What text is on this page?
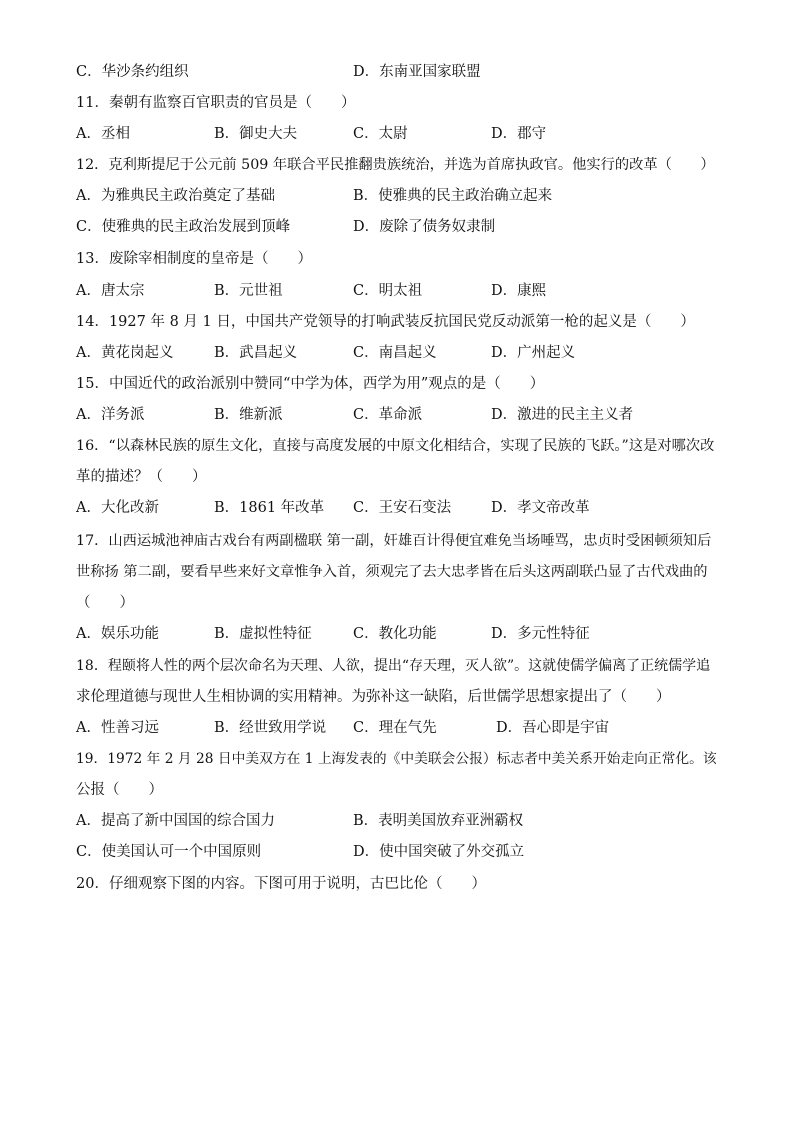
C．华沙条约组织	D．东南亚国家联盟
11．秦朝有监察百官职责的官员是（　　）
A．丞相	B．御史大夫	C．太尉	D．郡守
12．克利斯提尼于公元前 509 年联合平民推翻贵族统治，并选为首席执政官。他实行的改革（　　）
A．为雅典民主政治奠定了基础	B．使雅典的民主政治确立起来
C．使雅典的民主政治发展到顶峰	D．废除了债务奴隶制
13．废除宰相制度的皇帝是（　　）
A．唐太宗	B．元世祖	C．明太祖	D．康熙
14．1927 年 8 月 1 日，中国共产党领导的打响武装反抗国民党反动派第一枪的起义是（　　）
A．黄花岗起义	B．武昌起义	C．南昌起义	D．广州起义
15．中国近代的政治派别中赞同“中学为体，西学为用”观点的是（　　）
A．洋务派	B．维新派	C．革命派	D．激进的民主主义者
16．“以森林民族的原生文化，直接与高度发展的中原文化相结合，实现了民族的飞跃。”这是对哪次改
革的描述？（　　）
A．大化改新	B．1861 年改革 C．王安石变法	D．孝文帝改革
17．山西运城池神庙古戏台有两副楹联 第一副，奸雄百计得便宜难免当场唾骂，忠贞时受困顿须知后
世称扬 第二副，要看早些来好文章惟争入首，须观完了去大忠孝皆在后头这两副联凸显了古代戏曲的
（　　）
A．娱乐功能	B．虚拟性特征	C．教化功能	D．多元性特征
18．程颐将人性的两个层次命名为天理、人欲，提出“存天理，灭人欲”。这就使儒学偏离了正统儒学追
求伦理道德与现世人生相协调的实用精神。为弥补这一缺陷，后世儒学思想家提出了（　　）
A．性善习远	B．经世致用学说 C．理在气先	D．吾心即是宇宙
19．1972 年 2 月 28 日中美双方在 1 上海发表的《中美联会公报）标志者中美关系开始走向正常化。该
公报（　　）
A．提高了新中国国的综合国力	B．表明美国放弃亚洲霸权
C．使美国认可一个中国原则	D．使中国突破了外交孤立
20．仔细观察下图的内容。下图可用于说明，古巴比伦（　　）
